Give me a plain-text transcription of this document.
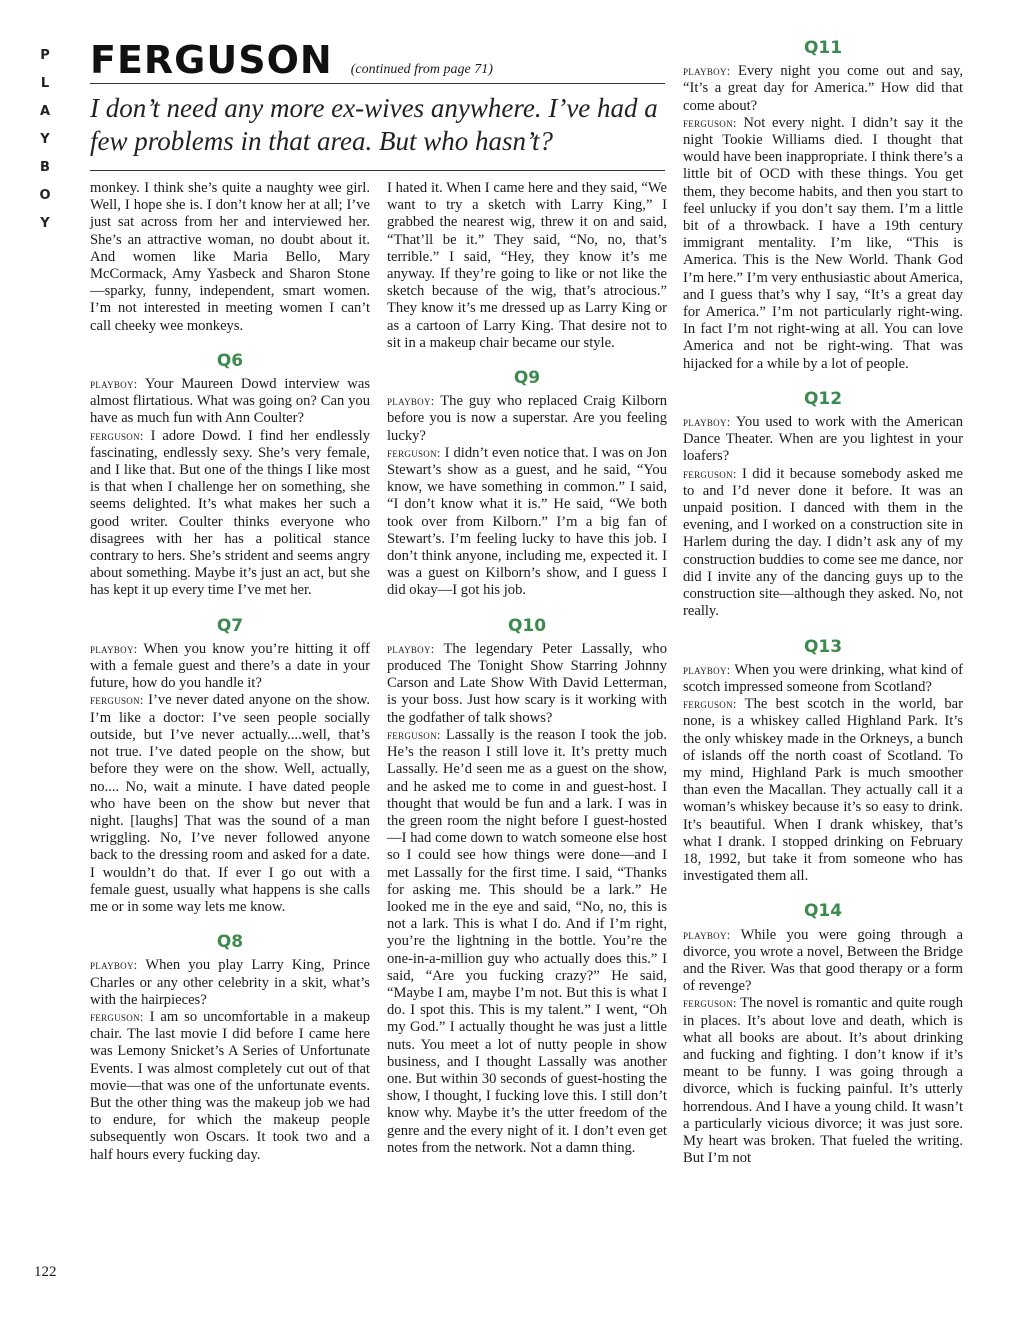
P
L
A
Y
B
O
Y
FERGUSON (continued from page 71)
I don’t need any more ex-wives anywhere. I’ve had a few problems in that area. But who hasn’t?

monkey. I think she’s quite a naughty wee girl. Well, I hope she is. I don’t know her at all; I’ve just sat across from her and interviewed her. She’s an attractive woman, no doubt about it. And women like Maria Bello, Mary McCormack, Amy Yasbeck and Sharon Stone—sparky, funny, independent, smart women. I’m not interested in meeting women I can’t call cheeky wee monkeys.

Q6

playboy: Your Maureen Dowd interview was almost flirtatious. What was going on? Can you have as much fun with Ann Coulter?

ferguson: I adore Dowd. I find her endlessly fascinating, endlessly sexy. She’s very female, and I like that. But one of the things I like most is that when I challenge her on something, she seems delighted. It’s what makes her such a good writer. Coulter thinks everyone who disagrees with her has a political stance contrary to hers. She’s strident and seems angry about something. Maybe it’s just an act, but she has kept it up every time I’ve met her.

Q7

playboy: When you know you’re hitting it off with a female guest and there’s a date in your future, how do you handle it?

ferguson: I’ve never dated anyone on the show. I’m like a doctor: I’ve seen people socially outside, but I’ve never actually....well, that’s not true. I’ve dated people on the show, but before they were on the show. Well, actually, no.... No, wait a minute. I have dated people who have been on the show but never that night. [laughs] That was the sound of a man wriggling. No, I’ve never followed anyone back to the dressing room and asked for a date. I wouldn’t do that. If ever I go out with a female guest, usually what happens is she calls me or in some way lets me know.

Q8

playboy: When you play Larry King, Prince Charles or any other celebrity in a skit, what’s with the hairpieces?

ferguson: I am so uncomfortable in a makeup chair. The last movie I did before I came here was Lemony Snicket’s A Series of Unfortunate Events. I was almost completely cut out of that movie—that was one of the unfortunate events. But the other thing was the makeup job we had to endure, for which the makeup people subsequently won Oscars. It took two and a half hours every fucking day.

I hated it. When I came here and they said, “We want to try a sketch with Larry King,” I grabbed the nearest wig, threw it on and said, “That’ll be it.” They said, “No, no, that’s terrible.” I said, “Hey, they know it’s me anyway. If they’re going to like or not like the sketch because of the wig, that’s atrocious.” They know it’s me dressed up as Larry King or as a cartoon of Larry King. That desire not to sit in a makeup chair became our style.

Q9

playboy: The guy who replaced Craig Kilborn before you is now a superstar. Are you feeling lucky?

ferguson: I didn’t even notice that. I was on Jon Stewart’s show as a guest, and he said, “You know, we have something in common.” I said, “I don’t know what it is.” He said, “We both took over from Kilborn.” I’m a big fan of Stewart’s. I’m feeling lucky to have this job. I don’t think anyone, including me, expected it. I was a guest on Kilborn’s show, and I guess I did okay—I got his job.

Q10

playboy: The legendary Peter Lassally, who produced The Tonight Show Starring Johnny Carson and Late Show With David Letterman, is your boss. Just how scary is it working with the godfather of talk shows?

ferguson: Lassally is the reason I took the job. He’s the reason I still love it. It’s pretty much Lassally. He’d seen me as a guest on the show, and he asked me to come in and guest-host. I thought that would be fun and a lark. I was in the green room the night before I guest-hosted—I had come down to watch someone else host so I could see how things were done—and I met Lassally for the first time. I said, “Thanks for asking me. This should be a lark.” He looked me in the eye and said, “No, no, this is not a lark. This is what I do. And if I’m right, you’re the lightning in the bottle. You’re the one-in-a-million guy who actually does this.” I said, “Are you fucking crazy?” He said, “Maybe I am, maybe I’m not. But this is what I do. I spot this. This is my talent.” I went, “Oh my God.” I actually thought he was just a little nuts. You meet a lot of nutty people in show business, and I thought Lassally was another one. But within 30 seconds of guest-hosting the show, I thought, I fucking love this. I still don’t know why. Maybe it’s the utter freedom of the genre and the every night of it. I don’t even get notes from the network. Not a damn thing.

Q11

playboy: Every night you come out and say, “It’s a great day for America.” How did that come about?

ferguson: Not every night. I didn’t say it the night Tookie Williams died. I thought that would have been inappropriate. I think there’s a little bit of OCD with these things. You get them, they become habits, and then you start to feel unlucky if you don’t say them. I’m a little bit of a throwback. I have a 19th century immigrant mentality. I’m like, “This is America. This is the New World. Thank God I’m here.” I’m very enthusiastic about America, and I guess that’s why I say, “It’s a great day for America.” I’m not particularly right-wing. In fact I’m not right-wing at all. You can love America and not be right-wing. That was hijacked for a while by a lot of people.

Q12

playboy: You used to work with the American Dance Theater. When are you lightest in your loafers?

ferguson: I did it because somebody asked me to and I’d never done it before. It was an unpaid position. I danced with them in the evening, and I worked on a construction site in Harlem during the day. I didn’t ask any of my construction buddies to come see me dance, nor did I invite any of the dancing guys up to the construction site—although they asked. No, not really.

Q13

playboy: When you were drinking, what kind of scotch impressed someone from Scotland?

ferguson: The best scotch in the world, bar none, is a whiskey called Highland Park. It’s the only whiskey made in the Orkneys, a bunch of islands off the north coast of Scotland. To my mind, Highland Park is much smoother than even the Macallan. They actually call it a woman’s whiskey because it’s so easy to drink. It’s beautiful. When I drank whiskey, that’s what I drank. I stopped drinking on February 18, 1992, but take it from someone who has investigated them all.

Q14

playboy: While you were going through a divorce, you wrote a novel, Between the Bridge and the River. Was that good therapy or a form of revenge?

ferguson: The novel is romantic and quite rough in places. It’s about love and death, which is what all books are about. It’s about drinking and fucking and fighting. I don’t know if it’s meant to be funny. I was going through a divorce, which is fucking painful. It’s utterly horrendous. And I have a young child. It wasn’t a particularly vicious divorce; it was just sore. My heart was broken. That fueled the writing. But I’m not

122
